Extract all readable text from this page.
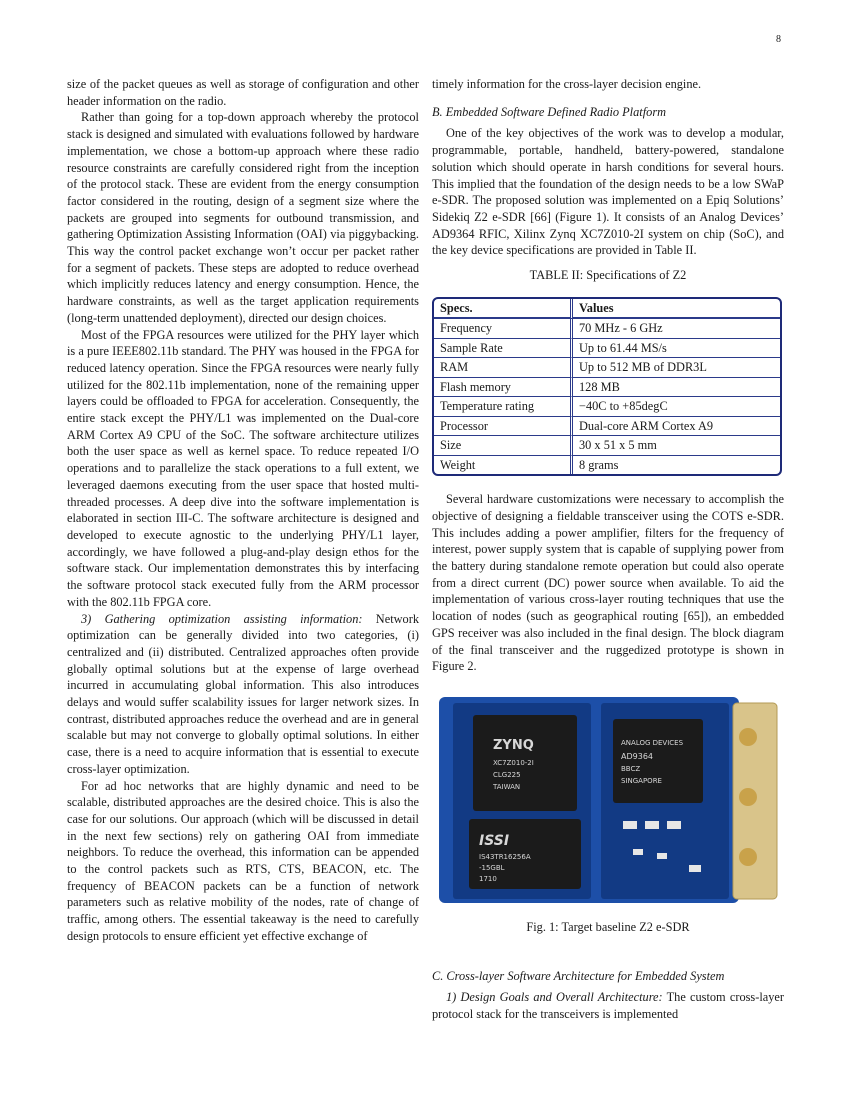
8

size of the packet queues as well as storage of configuration and other header information on the radio.

Rather than going for a top-down approach whereby the protocol stack is designed and simulated with evaluations followed by hardware implementation, we chose a bottom-up approach where these radio resource constraints are carefully considered right from the inception of the protocol stack. These are evident from the energy consumption factor considered in the routing, design of a segment size where the packets are grouped into segments for outbound transmission, and gathering Optimization Assisting Information (OAI) via piggybacking. This way the control packet exchange won’t occur per packet rather for a segment of packets. These steps are adopted to reduce overhead which implicitly reduces latency and energy consumption. Hence, the hardware constraints, as well as the target application requirements (long-term unattended deployment), directed our design choices.

Most of the FPGA resources were utilized for the PHY layer which is a pure IEEE802.11b standard. The PHY was housed in the FPGA for reduced latency operation. Since the FPGA resources were nearly fully utilized for the 802.11b implementation, none of the remaining upper layers could be offloaded to FPGA for acceleration. Consequently, the entire stack except the PHY/L1 was implemented on the Dual-core ARM Cortex A9 CPU of the SoC. The software architecture utilizes both the user space as well as kernel space. To reduce repeated I/O operations and to parallelize the stack operations to a full extent, we leveraged daemons executing from the user space that hosted multi-threaded processes. A deep dive into the software implementation is elaborated in section III-C. The software architecture is designed and developed to execute agnostic to the underlying PHY/L1 layer, accordingly, we have followed a plug-and-play design ethos for the software stack. Our implementation demonstrates this by interfacing the software protocol stack executed fully from the ARM processor with the 802.11b FPGA core.

3) Gathering optimization assisting information: Network optimization can be generally divided into two categories, (i) centralized and (ii) distributed. Centralized approaches often provide globally optimal solutions but at the expense of large overhead incurred in accumulating global information. This also introduces delays and would suffer scalability issues for larger network sizes. In contrast, distributed approaches reduce the overhead and are in general scalable but may not converge to globally optimal solutions. In either case, there is a need to acquire information that is essential to execute cross-layer optimization.

For ad hoc networks that are highly dynamic and need to be scalable, distributed approaches are the desired choice. This is also the case for our solutions. Our approach (which will be discussed in detail in the next few sections) rely on gathering OAI from immediate neighbors. To reduce the overhead, this information can be appended to the control packets such as RTS, CTS, BEACON, etc. The frequency of BEACON packets can be a function of network parameters such as relative mobility of the nodes, rate of change of traffic, among others. The essential takeaway is the need to carefully design protocols to ensure efficient yet effective exchange of

timely information for the cross-layer decision engine.

B. Embedded Software Defined Radio Platform

One of the key objectives of the work was to develop a modular, programmable, portable, handheld, battery-powered, standalone solution which should operate in harsh conditions for several hours. This implied that the foundation of the design needs to be a low SWaP e-SDR. The proposed solution was implemented on a Epiq Solutions’ Sidekiq Z2 e-SDR [66] (Figure 1). It consists of an Analog Devices’ AD9364 RFIC, Xilinx Zynq XC7Z010-2I system on chip (SoC), and the key device specifications are provided in Table II.

TABLE II: Specifications of Z2
Specs.	Values
Frequency	70 MHz - 6 GHz
Sample Rate	Up to 61.44 MS/s
RAM	Up to 512 MB of DDR3L
Flash memory	128 MB
Temperature rating	−40C to +85degC
Processor	Dual-core ARM Cortex A9
Size	30 x 51 x 5 mm
Weight	8 grams

Several hardware customizations were necessary to accomplish the objective of designing a fieldable transceiver using the COTS e-SDR. This includes adding a power amplifier, filters for the frequency of interest, power supply system that is capable of supplying power from the battery during standalone remote operation but could also operate from a direct current (DC) power source when available. To aid the implementation of various cross-layer routing techniques that use the location of nodes (such as geographical routing [65]), an embedded GPS receiver was also included in the final design. The block diagram of the final transceiver and the ruggedized prototype is shown in Figure 2.

ZYNQ
XC7Z010-2I
CLG225
TAIWAN
ANALOG DEVICES
AD9364
BBCZ
SINGAPORE
ISSI
IS43TR16256A
-15GBL
1710
Fig. 1: Target baseline Z2 e-SDR
C. Cross-layer Software Architecture for Embedded System

1) Design Goals and Overall Architecture: The custom cross-layer protocol stack for the transceivers is implemented
